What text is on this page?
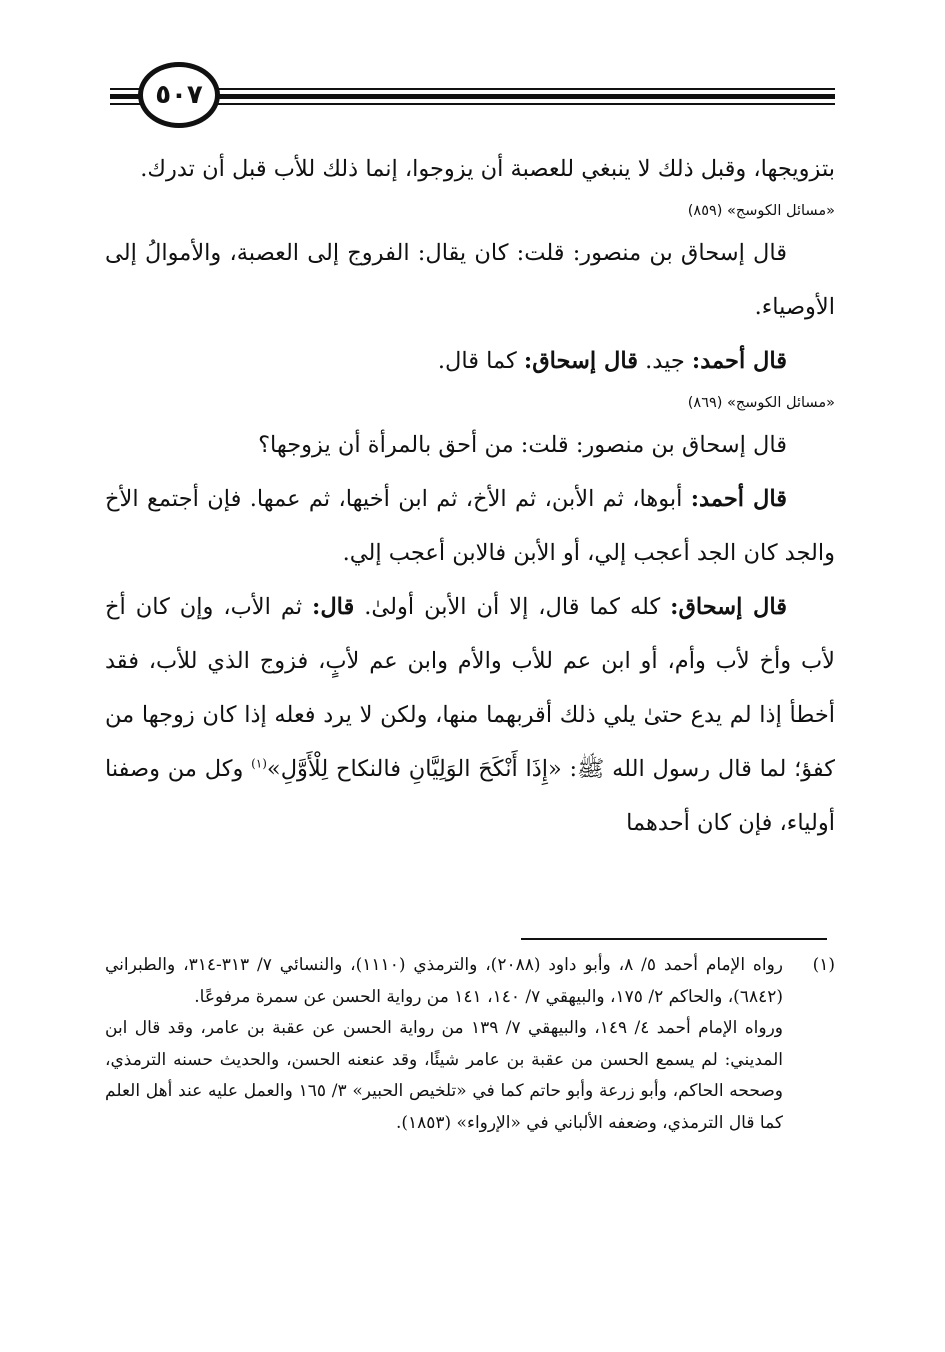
٥٠٧

بتزويجها، وقبل ذلك لا ينبغي للعصبة أن يزوجوا، إنما ذلك للأب قبل أن تدرك.

«مسائل الكوسج» (٨٥٩)

قال إسحاق بن منصور: قلت: كان يقال: الفروج إلى العصبة، والأموالُ إلى الأوصياء.

قال أحمد: جيد. قال إسحاق: كما قال.

«مسائل الكوسج» (٨٦٩)

قال إسحاق بن منصور: قلت: من أحق بالمرأة أن يزوجها؟

قال أحمد: أبوها، ثم الأبن، ثم الأخ، ثم ابن أخيها، ثم عمها. فإن أجتمع الأخ والجد كان الجد أعجب إلي، أو الأبن فالابن أعجب إلي.

قال إسحاق: كله كما قال، إلا أن الأبن أولىٰ. قال: ثم الأب، وإن كان أخ لأب وأخ لأب وأم، أو ابن عم للأب والأم وابن عم لأبٍ، فزوج الذي للأب، فقد أخطأ إذا لم يدع حتىٰ يلي ذلك أقربهما منها، ولكن لا يرد فعله إذا كان زوجها من كفؤ؛ لما قال رسول الله ﷺ: «إِذَا أَنْكَحَ الوَلِيَّانِ فالنكاح لِلْأَوَّلِ»$^{(١)}$ وكل من وصفنا أولياء، فإن كان أحدهما

(١)
رواه الإمام أحمد ٥/ ٨، وأبو داود (٢٠٨٨)، والترمذي (١١١٠)، والنسائي ٧/ ٣١٣-٣١٤، والطبراني (٦٨٤٢)، والحاكم ٢/ ١٧٥، والبيهقي ٧/ ١٤٠، ١٤١ من رواية الحسن عن سمرة مرفوعًا.

ورواه الإمام أحمد ٤/ ١٤٩، والبيهقي ٧/ ١٣٩ من رواية الحسن عن عقبة بن عامر، وقد قال ابن المديني: لم يسمع الحسن من عقبة بن عامر شيئًا، وقد عنعنه الحسن، والحديث حسنه الترمذي، وصححه الحاكم، وأبو زرعة وأبو حاتم كما في «تلخيص الحبير» ٣/ ١٦٥ والعمل عليه عند أهل العلم كما قال الترمذي، وضعفه الألباني في «الإرواء» (١٨٥٣).
